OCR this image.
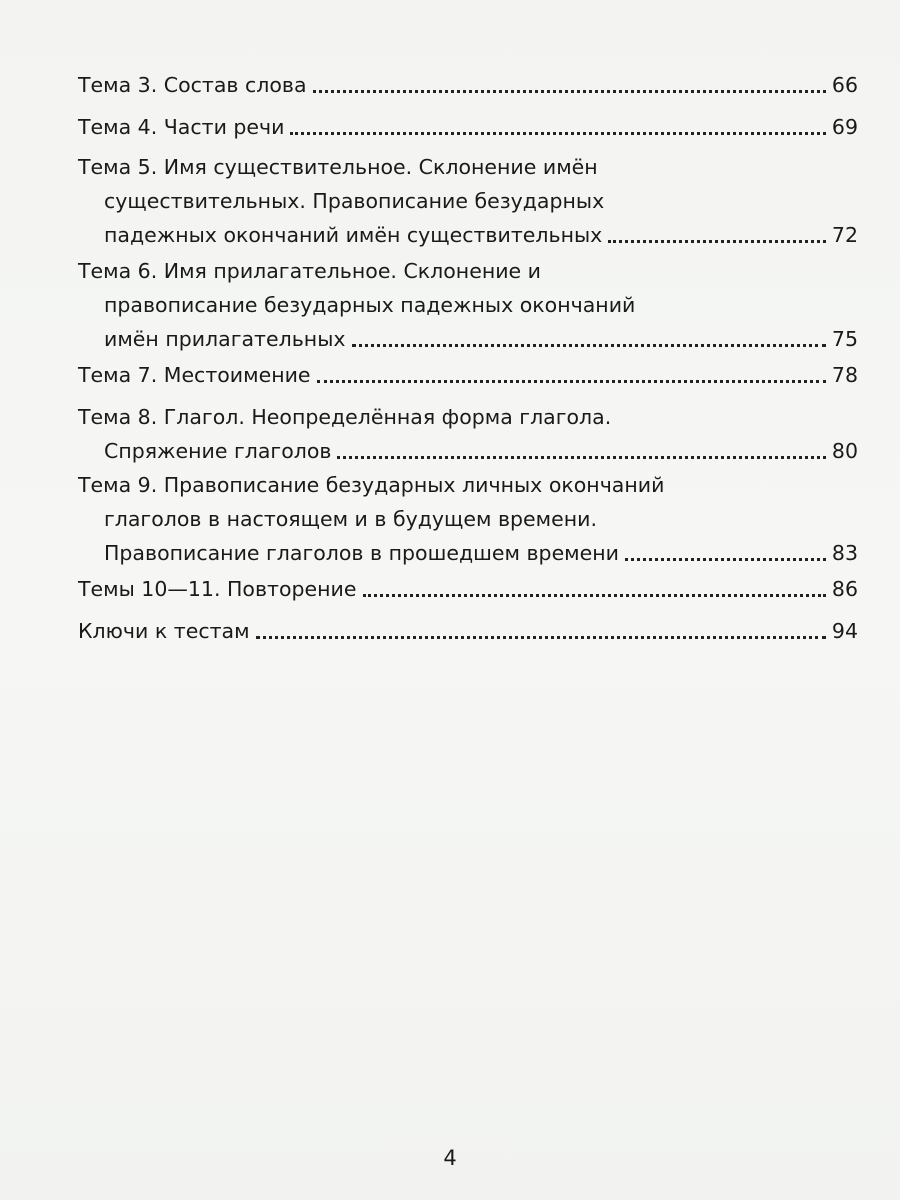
Тема 3. Состав слова	66
Тема 4. Части речи	69
Тема 5. Имя существительное. Склонение имён
существительных. Правописание безударных
падежных окончаний имён существительных	72
Тема 6. Имя прилагательное. Склонение и
правописание безударных падежных окончаний
имён прилагательных	75
Тема 7. Местоимение	78
Тема 8. Глагол. Неопределённая форма глагола.
Спряжение глаголов	80
Тема 9. Правописание безударных личных окончаний
глаголов в настоящем и в будущем времени.
Правописание глаголов в прошедшем времени	83
Темы 10—11. Повторение	86
Ключи к тестам	94
4
